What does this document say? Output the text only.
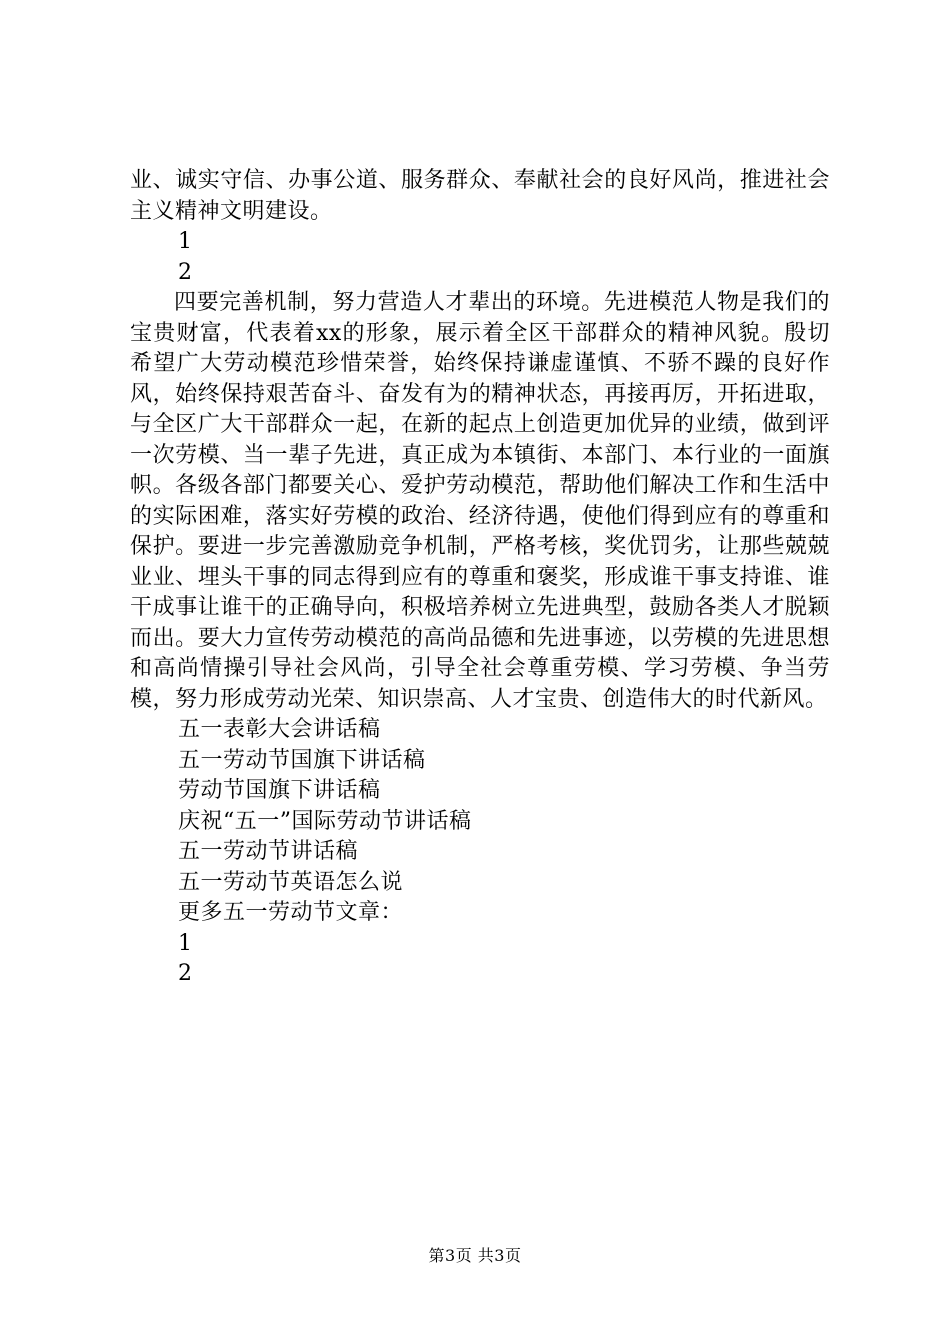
业、诚实守信、办事公道、服务群众、奉献社会的良好风尚，推进社会主义精神文明建设。

1

2

四要完善机制，努力营造人才辈出的环境。先进模范人物是我们的宝贵财富，代表着xx的形象，展示着全区干部群众的精神风貌。殷切希望广大劳动模范珍惜荣誉，始终保持谦虚谨慎、不骄不躁的良好作风，始终保持艰苦奋斗、奋发有为的精神状态，再接再厉，开拓进取，与全区广大干部群众一起，在新的起点上创造更加优异的业绩，做到评一次劳模、当一辈子先进，真正成为本镇街、本部门、本行业的一面旗帜。各级各部门都要关心、爱护劳动模范，帮助他们解决工作和生活中的实际困难，落实好劳模的政治、经济待遇，使他们得到应有的尊重和保护。要进一步完善激励竞争机制，严格考核，奖优罚劣，让那些兢兢业业、埋头干事的同志得到应有的尊重和褒奖，形成谁干事支持谁、谁干成事让谁干的正确导向，积极培养树立先进典型，鼓励各类人才脱颖而出。要大力宣传劳动模范的高尚品德和先进事迹，以劳模的先进思想和高尚情操引导社会风尚，引导全社会尊重劳模、学习劳模、争当劳模，努力形成劳动光荣、知识崇高、人才宝贵、创造伟大的时代新风。

五一表彰大会讲话稿

五一劳动节国旗下讲话稿

劳动节国旗下讲话稿

庆祝“五一”国际劳动节讲话稿

五一劳动节讲话稿

五一劳动节英语怎么说

更多五一劳动节文章：

1

2

第3页 共3页
